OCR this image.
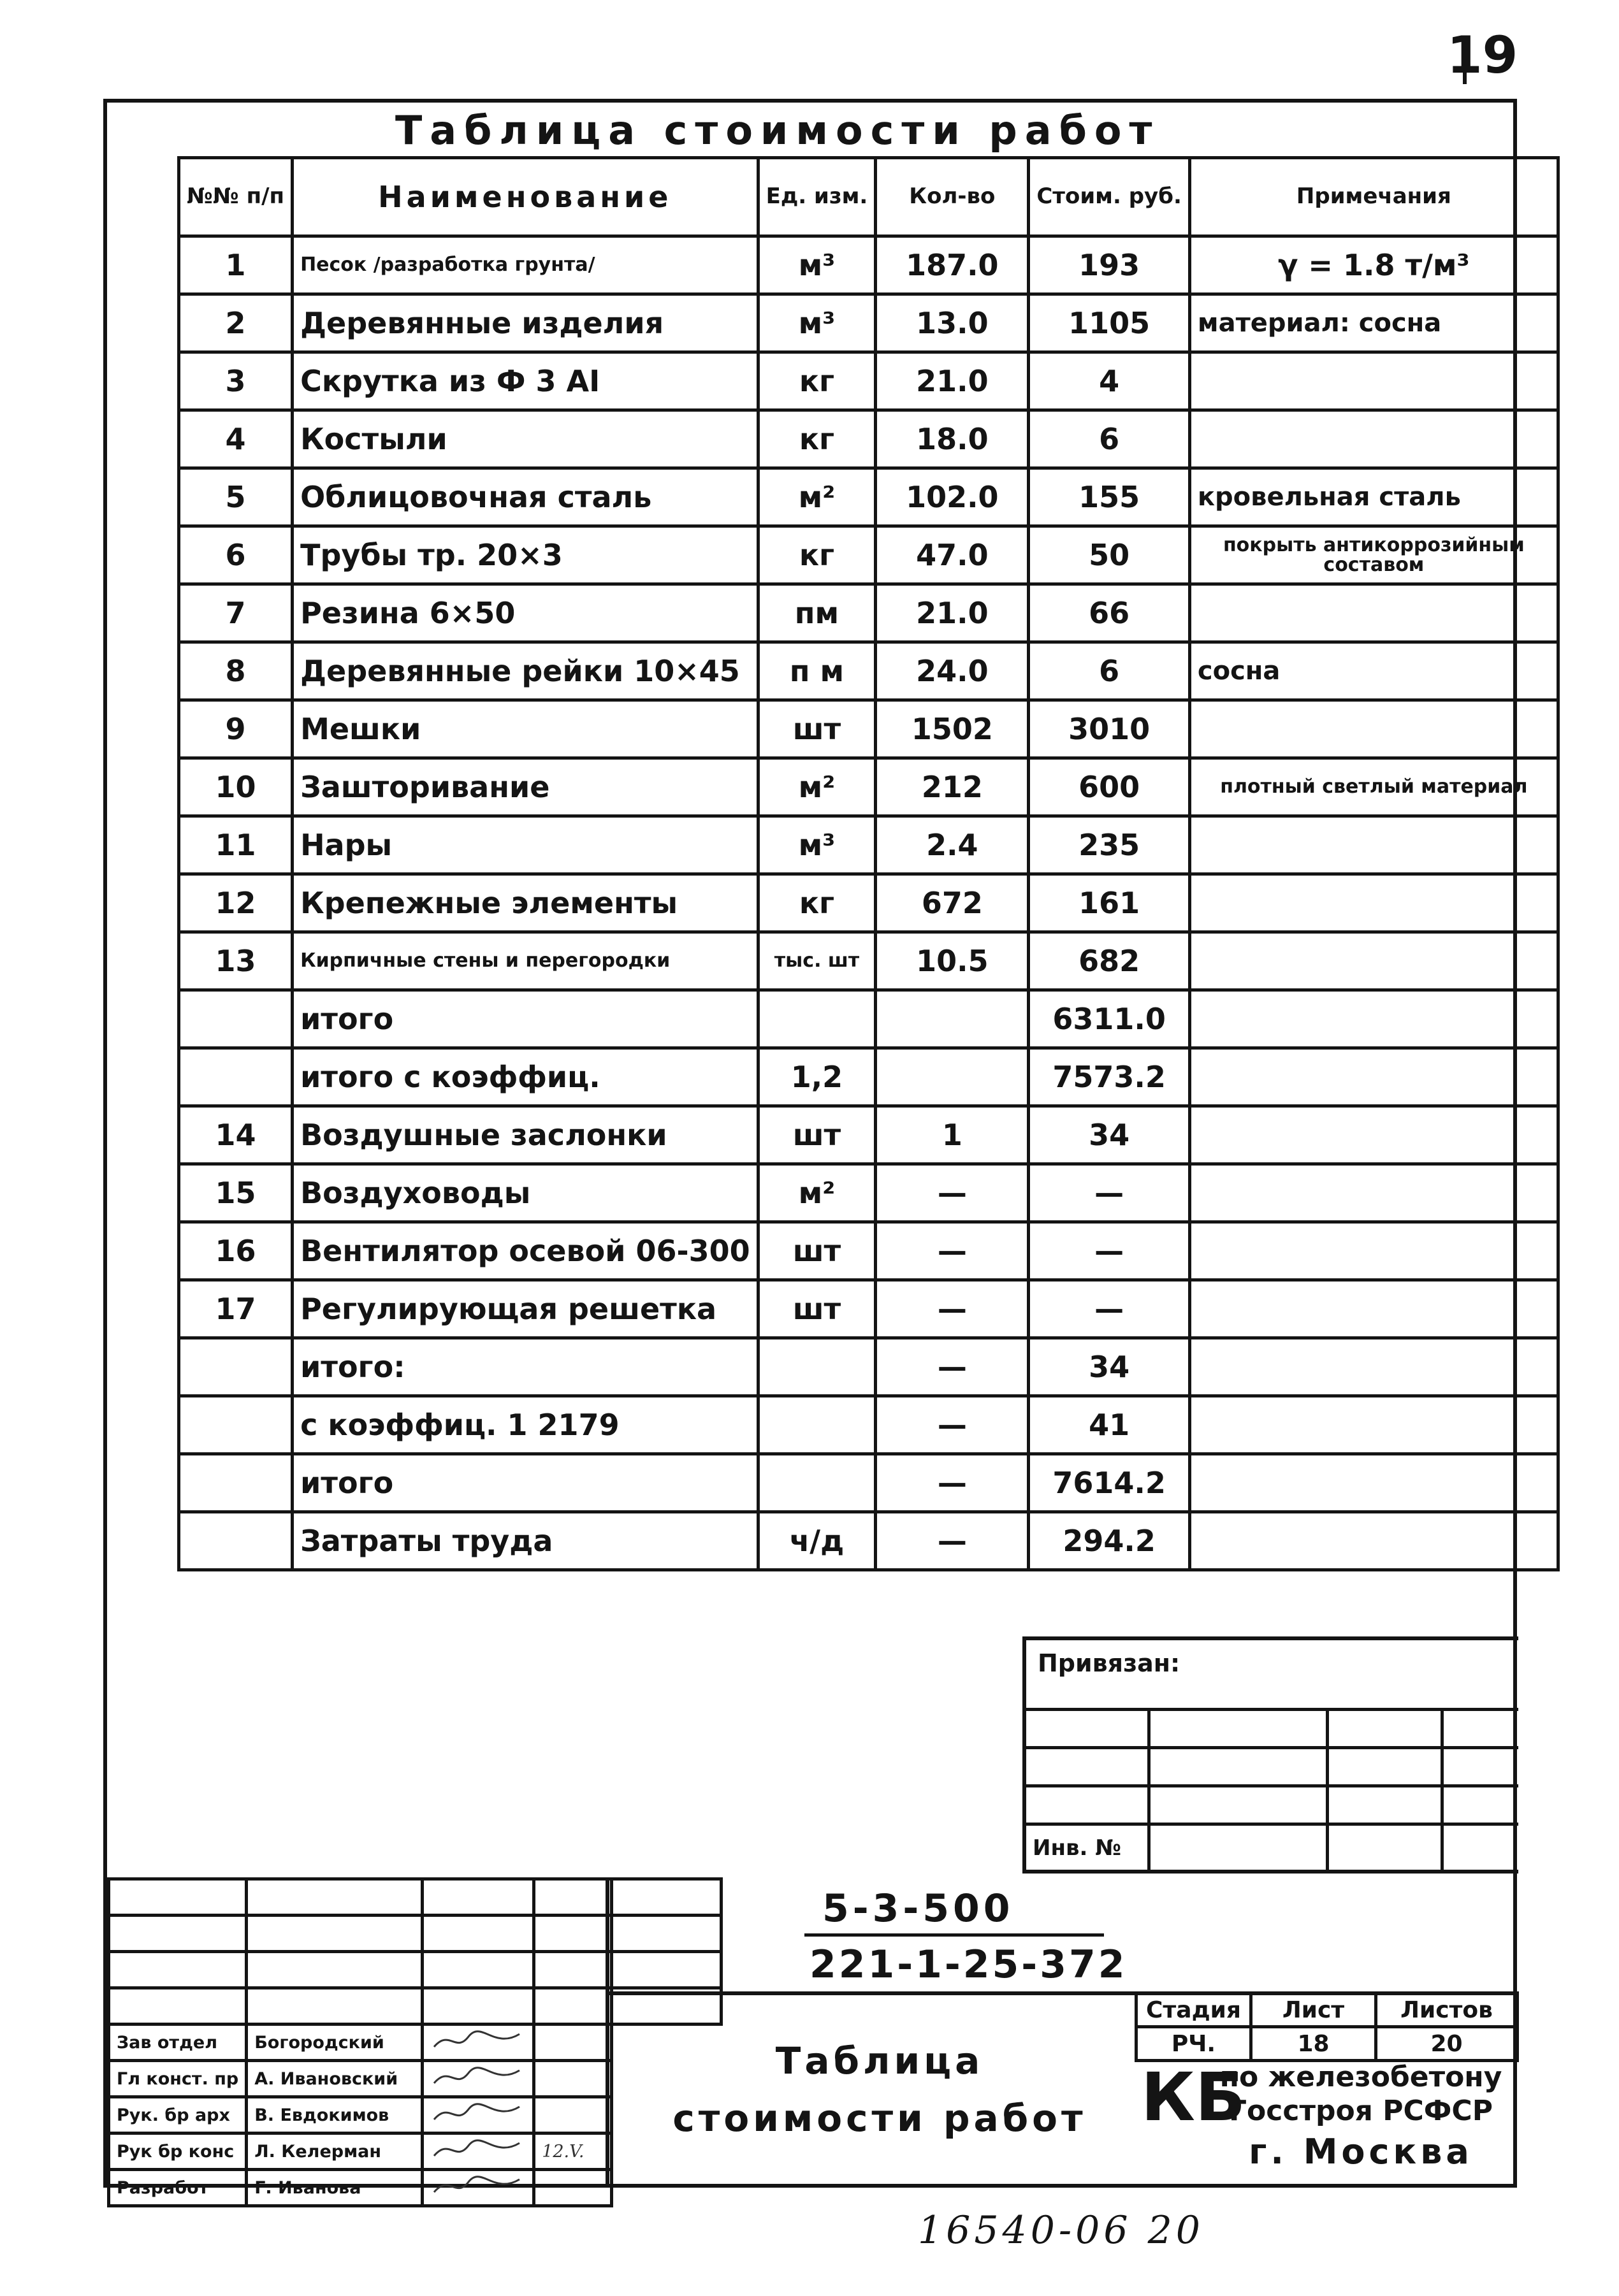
19
Таблица стоимости работ
№№ п/п	Наименование	Ед. изм.	Кол-во	Стоим. руб.	Примечания
1	Песок /разработка грунта/	м³	187.0	193	γ = 1.8 т/м³
2	Деревянные изделия	м³	13.0	1105	материал: сосна
3	Скрутка из Ф 3 АI	кг	21.0	4	
4	Костыли	кг	18.0	6	
5	Облицовочная сталь	м²	102.0	155	кровельная сталь
6	Трубы тр. 20×3	кг	47.0	50	покрыть антикоррозийным составом
7	Резина 6×50	пм	21.0	66	
8	Деревянные рейки 10×45	п м	24.0	6	сосна
9	Мешки	шт	1502	3010	
10	Зашторивание	м²	212	600	плотный светлый материал
11	Нары	м³	2.4	235	
12	Крепежные элементы	кг	672	161	
13	Кирпичные стены и перегородки	тыс. шт	10.5	682	
	итого			6311.0	
	итого с коэффиц.	1,2		7573.2	
14	Воздушные заслонки	шт	1	34	
15	Воздуховоды	м²	—	—	
16	Вентилятор осевой 06-300	шт	—	—	
17	Регулирующая решетка	шт	—	—	
	итого:		—	34	
	с коэффиц. 1 2179		—	41	
	итого		—	7614.2	
	Затраты труда	ч/д	—	294.2	
Привязан:
Инв. №

Зав отдел	Богородский			
Гл конст. пр	А. Ивановский			
Рук. бр арх	В. Евдокимов			
Рук бр конс	Л. Келерман		12.V.	
Разработ	Г. Иванова			
5-3-500
221-1-25-372
Таблица стоимости работ
Стадия	Лист	Листов
РЧ.	18	20
КБ
по железобетону
Госстроя РСФСР
г. Москва
16540-06 20
